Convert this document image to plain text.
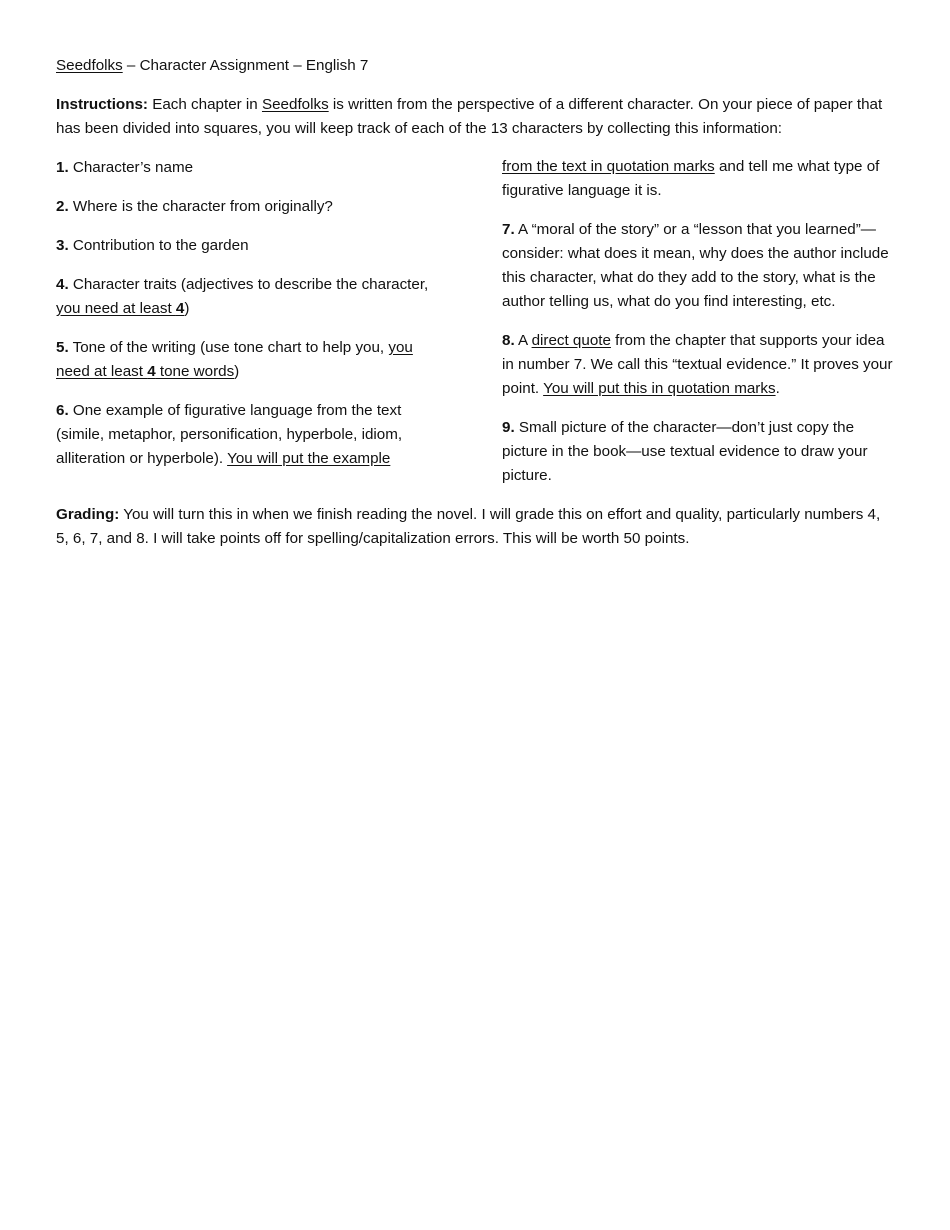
Seedfolks – Character Assignment – English 7

Instructions: Each chapter in Seedfolks is written from the perspective of a different character. On your piece of paper that has been divided into squares, you will keep track of each of the 13 characters by collecting this information:

1. Character’s name

2. Where is the character from originally?

3. Contribution to the garden

4. Character traits (adjectives to describe the character, you need at least 4)

5. Tone of the writing (use tone chart to help you, you need at least 4 tone words)

6. One example of figurative language from the text (simile, metaphor, personification, hyperbole, idiom, alliteration or hyperbole). You will put the example

from the text in quotation marks and tell me what type of figurative language it is.

7. A “moral of the story” or a “lesson that you learned”—consider: what does it mean, why does the author include this character, what do they add to the story, what is the author telling us, what do you find interesting, etc.

8. A direct quote from the chapter that supports your idea in number 7. We call this “textual evidence.” It proves your point. You will put this in quotation marks.

9. Small picture of the character—don’t just copy the picture in the book—use textual evidence to draw your picture.

Grading: You will turn this in when we finish reading the novel. I will grade this on effort and quality, particularly numbers 4, 5, 6, 7, and 8. I will take points off for spelling/capitalization errors. This will be worth 50 points.
